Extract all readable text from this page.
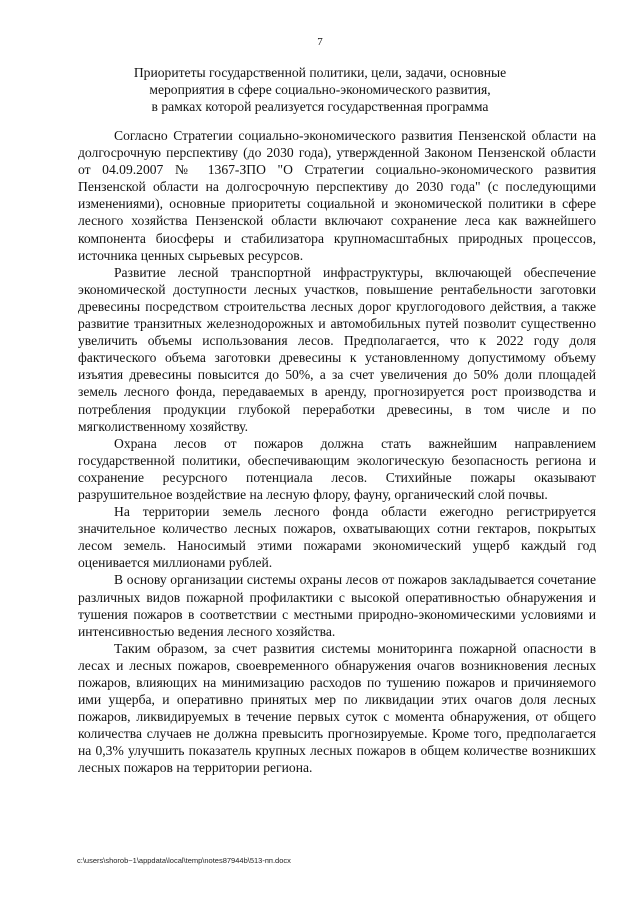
7
Приоритеты государственной политики, цели, задачи, основные
мероприятия в сфере социально-экономического развития,
в рамках которой реализуется государственная программа

Согласно Стратегии социально-экономического развития Пензенской области на долгосрочную перспективу (до 2030 года), утвержденной Законом Пензенской области от 04.09.2007 № 1367-ЗПО "О Стратегии социально-экономического развития Пензенской области на долгосрочную перспективу до 2030 года" (с последующими изменениями), основные приоритеты социальной и экономической политики в сфере лесного хозяйства Пензенской области включают сохранение леса как важнейшего компонента биосферы и стабилизатора крупномасштабных природных процессов, источника ценных сырьевых ресурсов.

Развитие лесной транспортной инфраструктуры, включающей обеспечение экономической доступности лесных участков, повышение рентабельности заготовки древесины посредством строительства лесных дорог круглогодового действия, а также развитие транзитных железнодорожных и автомобильных путей позволит существенно увеличить объемы использования лесов. Предполагается, что к 2022 году доля фактического объема заготовки древесины к установленному допустимому объему изъятия древесины повысится до 50%, а за счет увеличения до 50% доли площадей земель лесного фонда, передаваемых в аренду, прогнозируется рост производства и потребления продукции глубокой переработки древесины, в том числе и по мягколиственному хозяйству.

Охрана лесов от пожаров должна стать важнейшим направлением государственной политики, обеспечивающим экологическую безопасность региона и сохранение ресурсного потенциала лесов. Стихийные пожары оказывают разрушительное воздействие на лесную флору, фауну, органический слой почвы.

На территории земель лесного фонда области ежегодно регистрируется значительное количество лесных пожаров, охватывающих сотни гектаров, покрытых лесом земель. Наносимый этими пожарами экономический ущерб каждый год оценивается миллионами рублей.

В основу организации системы охраны лесов от пожаров закладывается сочетание различных видов пожарной профилактики с высокой оперативностью обнаружения и тушения пожаров в соответствии с местными природно-экономическими условиями и интенсивностью ведения лесного хозяйства.

Таким образом, за счет развития системы мониторинга пожарной опасности в лесах и лесных пожаров, своевременного обнаружения очагов возникновения лесных пожаров, влияющих на минимизацию расходов по тушению пожаров и причиняемого ими ущерба, и оперативно принятых мер по ликвидации этих очагов доля лесных пожаров, ликвидируемых в течение первых суток с момента обнаружения, от общего количества случаев не должна превысить прогнозируемые. Кроме того, предполагается на 0,3% улучшить показатель крупных лесных пожаров в общем количестве возникших лесных пожаров на территории региона.

c:\users\shorob~1\appdata\local\temp\notes87944b\513-пп.docx
